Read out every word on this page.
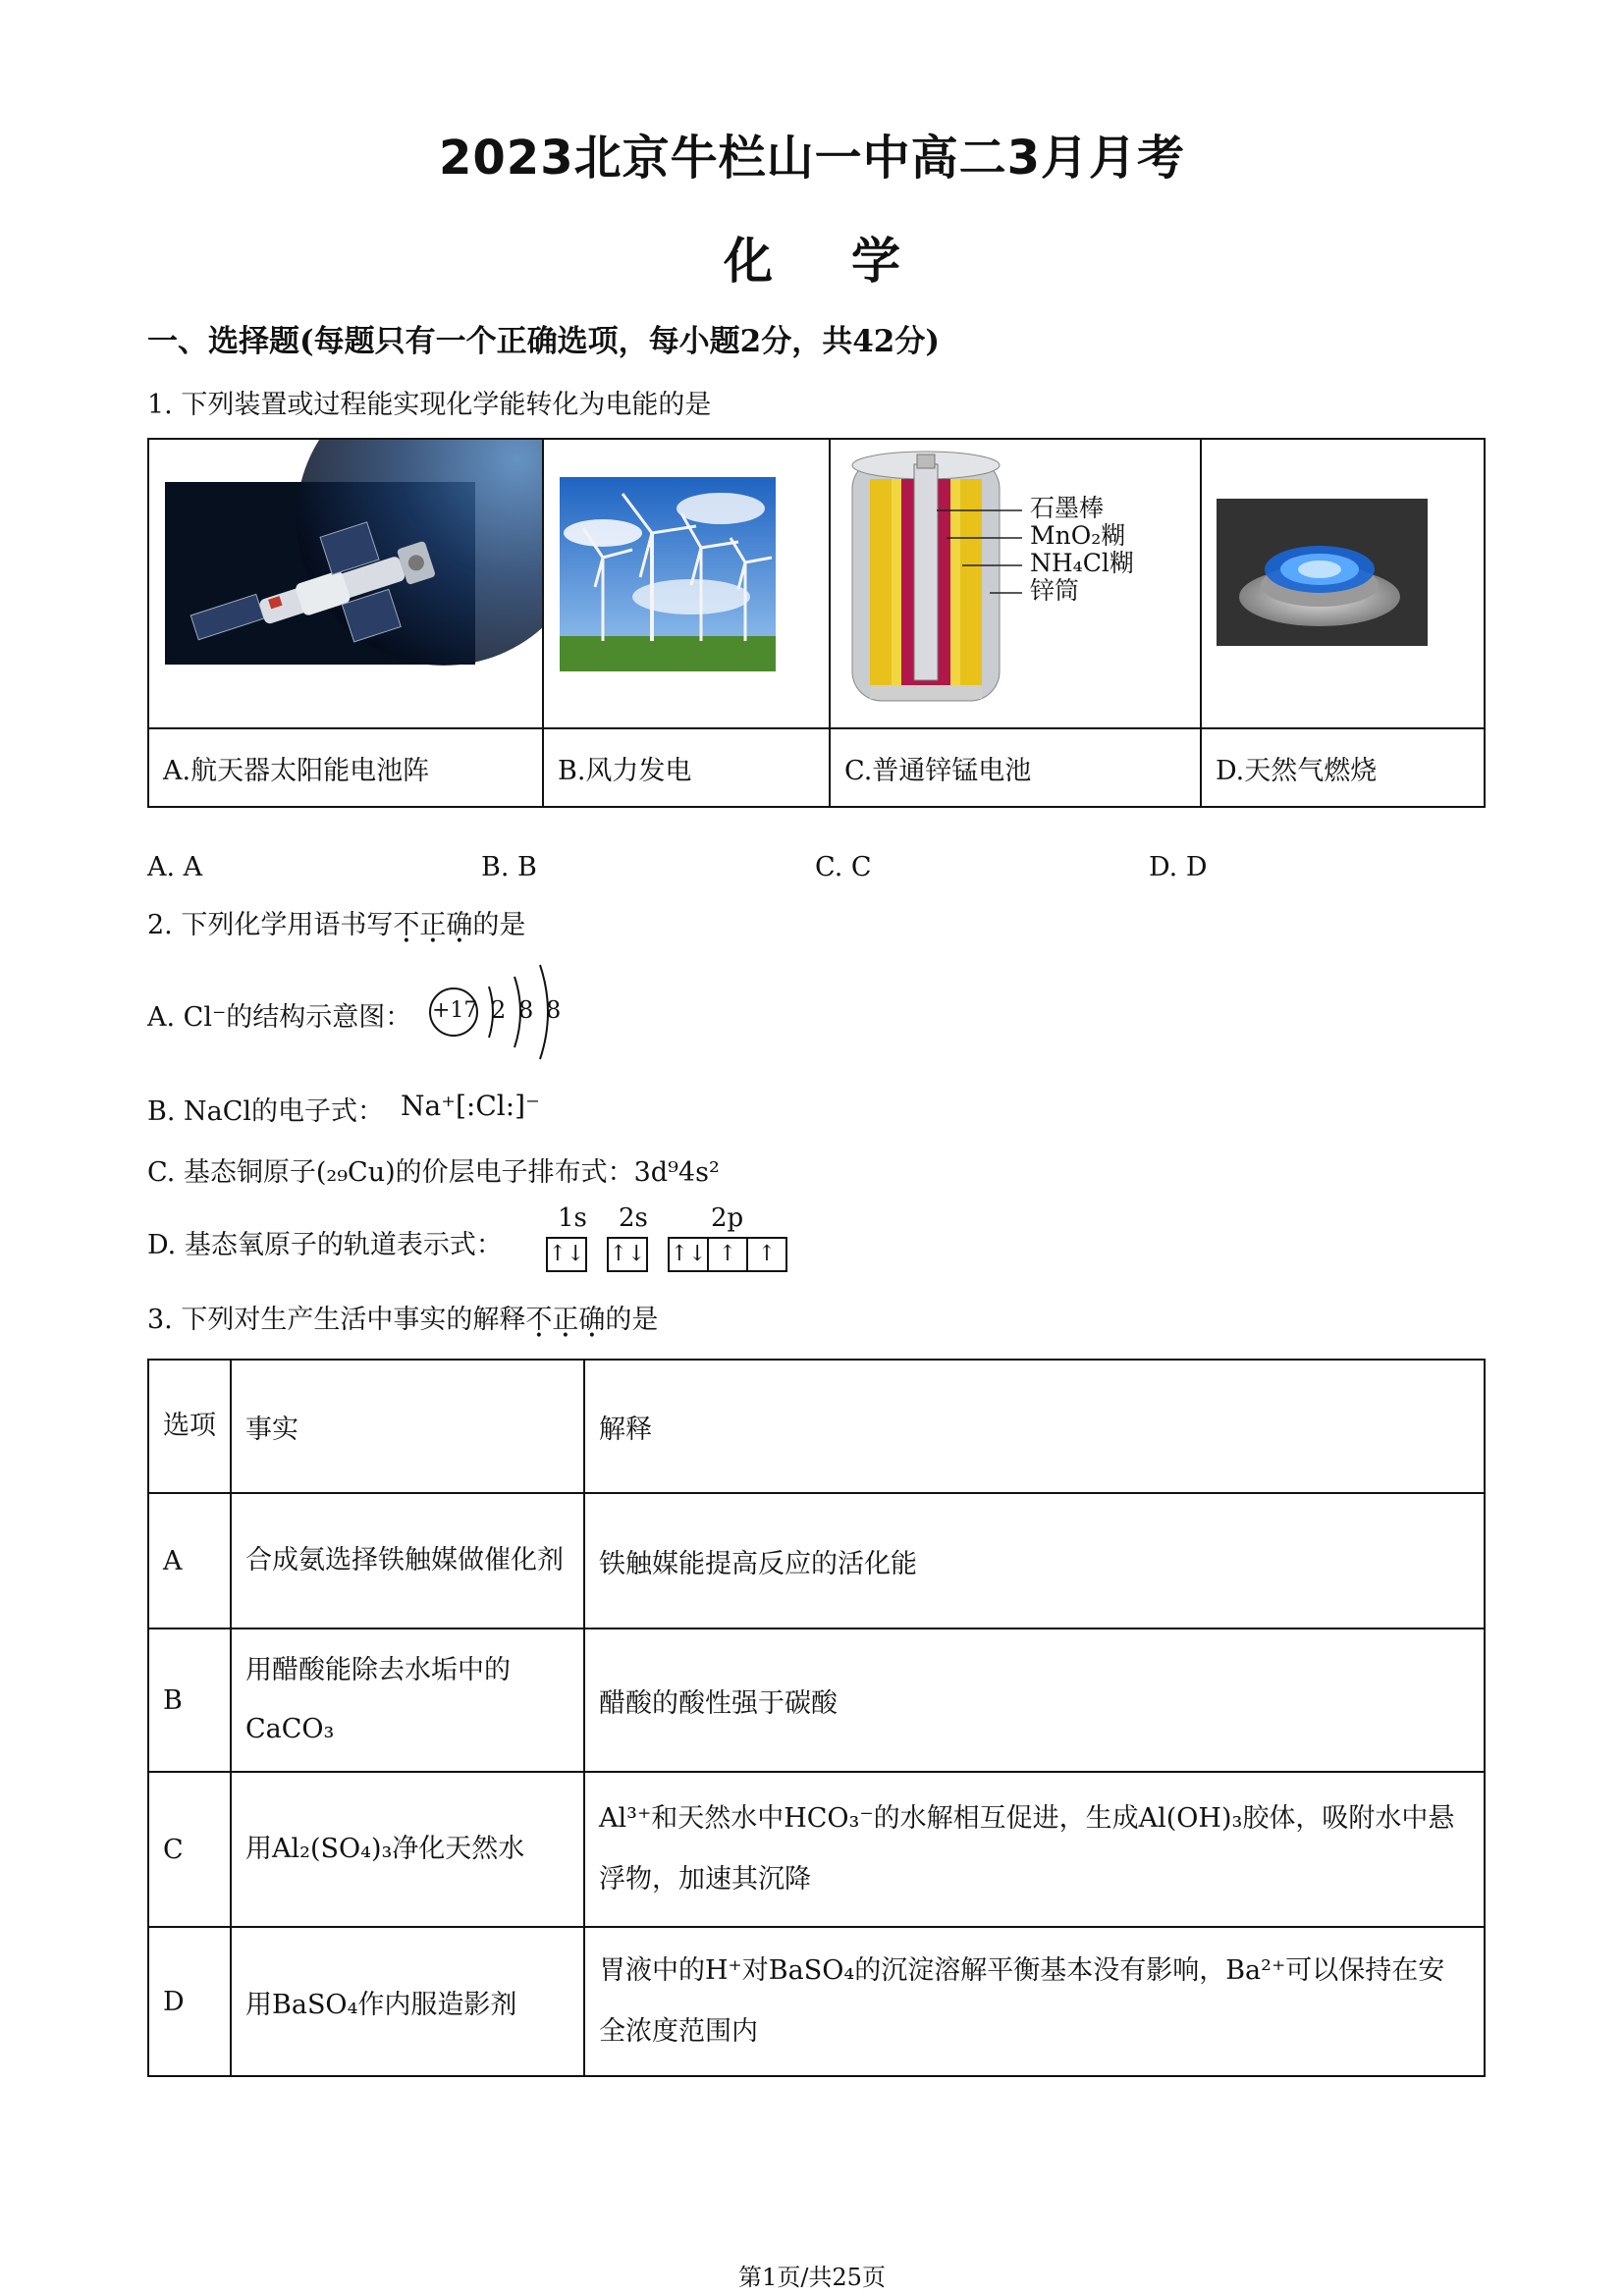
2023北京牛栏山一中高二3月月考
化学
一、选择题(每题只有一个正确选项，每小题2分，共42分)
1. 下列装置或过程能实现化学能转化为电能的是

石墨棒
MnO₂糊
NH₄Cl糊
锌筒

A.航天器太阳能电池阵	B.风力发电	C.普通锌锰电池	D.天然气燃烧
A. A	B. B	C. C	D. D
2. 下列化学用语书写不正确的是
A. Cl⁻的结构示意图： +17 2 8 8
B. NaCl的电子式： Na⁺[:Cl:]⁻
C. 基态铜原子(₂₉Cu)的价层电子排布式：3d⁹4s²
D. 基态氧原子的轨道表示式：
1s 2s 2p
↑↓ ↑↓ ↑↓ ↑ ↑
3. 下列对生产生活中事实的解释不正确的是
选项	事实	解释
A	合成氨选择铁触媒做催化剂	铁触媒能提高反应的活化能
B	用醋酸能除去水垢中的CaCO₃	醋酸的酸性强于碳酸
C	用Al₂(SO₄)₃净化天然水	Al³⁺和天然水中HCO₃⁻的水解相互促进，生成Al(OH)₃胶体，吸附水中悬浮物，加速其沉降
D	用BaSO₄作内服造影剂	胃液中的H⁺对BaSO₄的沉淀溶解平衡基本没有影响，Ba²⁺可以保持在安全浓度范围内
第1页/共25页
